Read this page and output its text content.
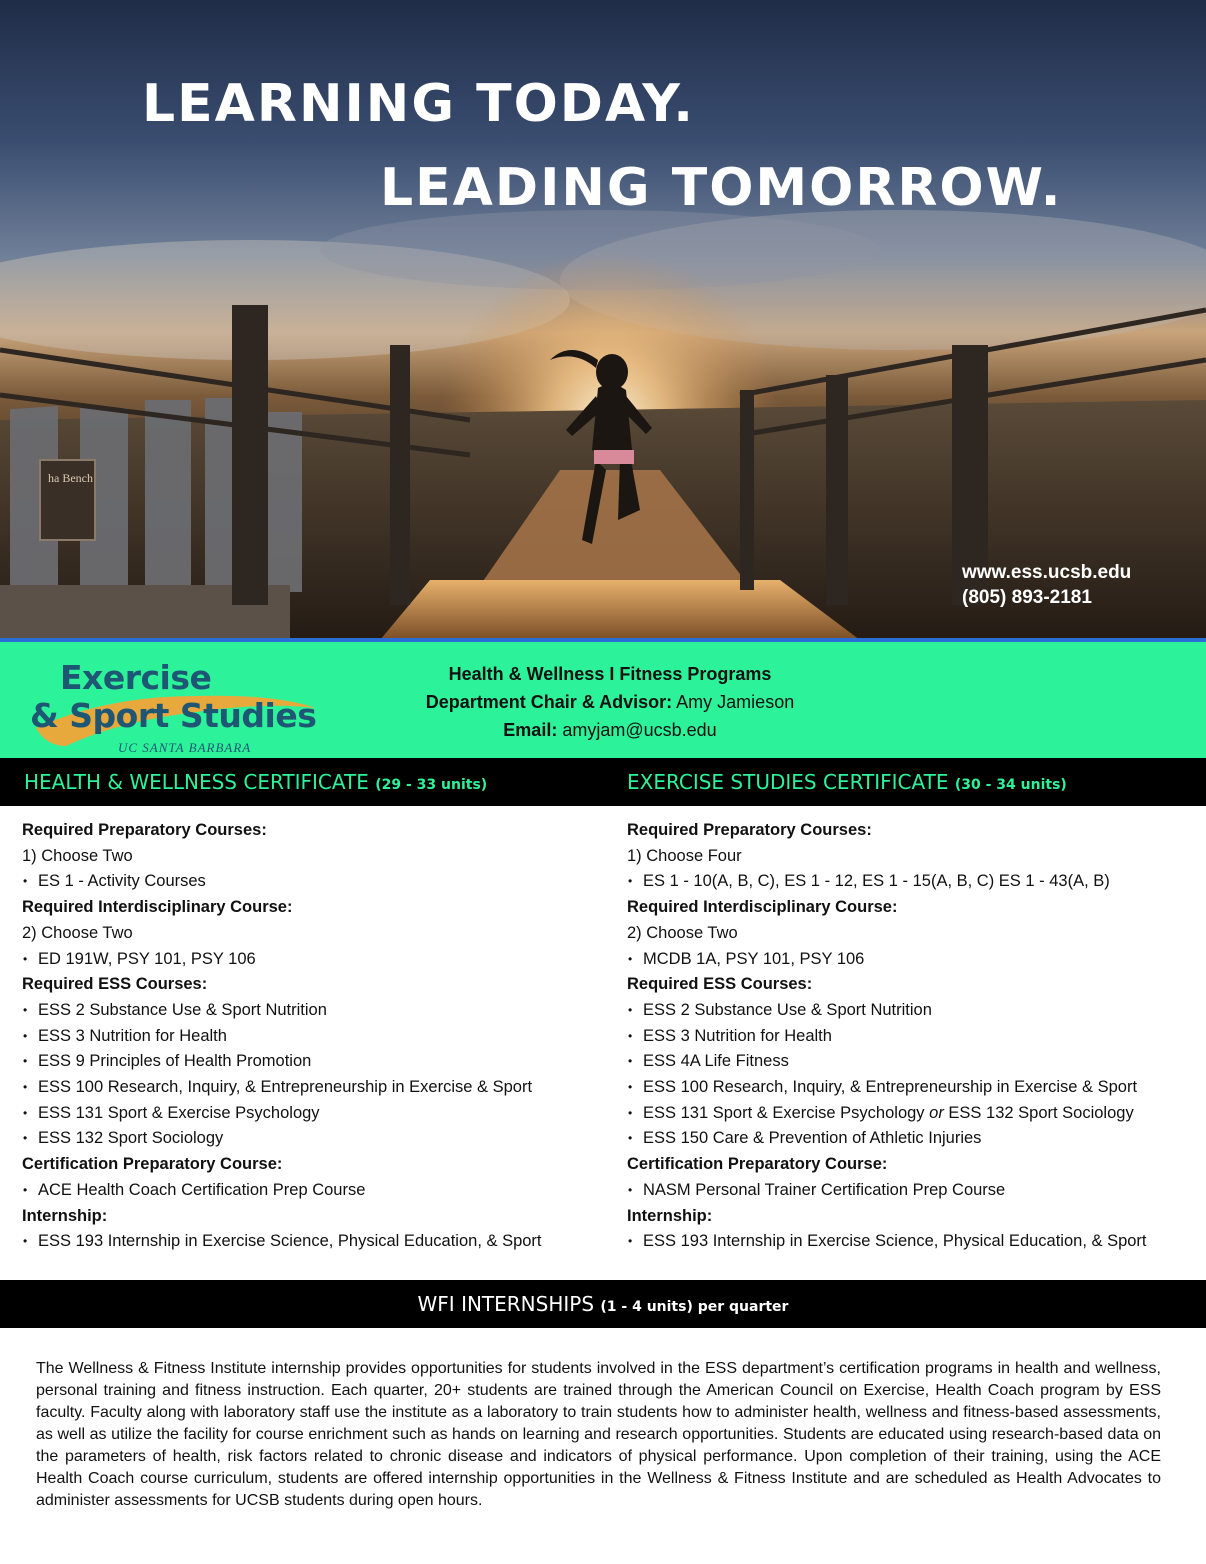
ha Bench
LEARNING TODAY.
LEADING TOMORROW.
www.ess.ucsb.edu
(805) 893-2181
Exercise
& Sport Studies
UC SANTA BARBARA
Health & Wellness I Fitness Programs
Department Chair & Advisor: Amy Jamieson
Email: amyjam@ucsb.edu
HEALTH & WELLNESS CERTIFICATE (29 - 33 units)	EXERCISE STUDIES CERTIFICATE (30 - 34 units)
Required Preparatory Courses:
1) Choose Two
• ES 1 - Activity Courses
Required Interdisciplinary Course:
2) Choose Two
• ED 191W, PSY 101, PSY 106
Required ESS Courses:
• ESS 2 Substance Use & Sport Nutrition
• ESS 3 Nutrition for Health
• ESS 9 Principles of Health Promotion
• ESS 100 Research, Inquiry, & Entrepreneurship in Exercise & Sport
• ESS 131 Sport & Exercise Psychology
• ESS 132 Sport Sociology
Certification Preparatory Course:
• ACE Health Coach Certification Prep Course
Internship:
• ESS 193 Internship in Exercise Science, Physical Education, & Sport
Required Preparatory Courses:
1) Choose Four
• ES 1 - 10(A, B, C), ES 1 - 12, ES 1 - 15(A, B, C) ES 1 - 43(A, B)
Required Interdisciplinary Course:
2) Choose Two
• MCDB 1A, PSY 101, PSY 106
Required ESS Courses:
• ESS 2 Substance Use & Sport Nutrition
• ESS 3 Nutrition for Health
• ESS 4A Life Fitness
• ESS 100 Research, Inquiry, & Entrepreneurship in Exercise & Sport
• ESS 131 Sport & Exercise Psychology or ESS 132 Sport Sociology
• ESS 150 Care & Prevention of Athletic Injuries
Certification Preparatory Course:
• NASM Personal Trainer Certification Prep Course
Internship:
• ESS 193 Internship in Exercise Science, Physical Education, & Sport
WFI INTERNSHIPS (1 - 4 units) per quarter

The Wellness & Fitness Institute internship provides opportunities for students involved in the ESS department’s certification programs in health and wellness, personal training and fitness instruction. Each quarter, 20+ students are trained through the American Council on Exercise, Health Coach program by ESS faculty. Faculty along with laboratory staff use the institute as a laboratory to train students how to administer health, wellness and fitness-based assessments, as well as utilize the facility for course enrichment such as hands on learning and research opportunities. Students are educated using research-based data on the parameters of health, risk factors related to chronic disease and indicators of physical performance. Upon completion of their training, using the ACE Health Coach course curriculum, students are offered internship opportunities in the Wellness & Fitness Institute and are scheduled as Health Advocates to administer assessments for UCSB students during open hours.
